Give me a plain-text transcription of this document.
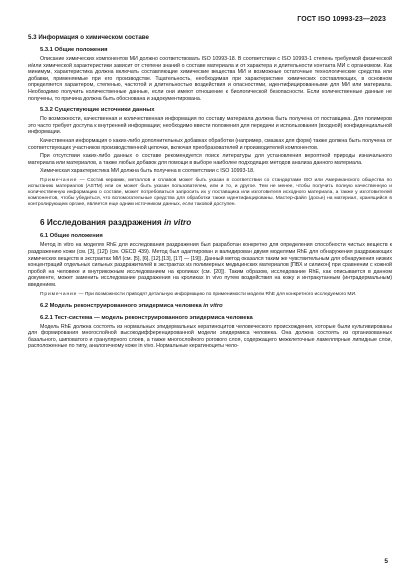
ГОСТ ISO 10993-23—2023
5.3 Информация о химическом составе
5.3.1 Общие положения
Описание химических компонентов МИ должно соответствовать ISO 10993-18. В соответствии с ISO 10993-1 степень требуемой физической и/или химической характеристики зависит от степени знаний о составе материала и от характера и длительности контакта МИ с организмом. Как минимум, характеристика должна включать составляющие химические вещества МИ и возможные остаточные технологические средства или добавки, применяемые при его производстве. Тщательность, необходимая при характеристике химических составляющих, в основном определяется характером, степенью, частотой и длительностью воздействия и опасностями, идентифицированными для МИ или материала. Необходимо получить количественные данные, если они имеют отношение к биологической безопасности. Если количественные данные не получены, то причина должна быть обоснована и задокументирована.
5.3.2 Существующие источники данных
По возможности, качественная и количественная информация по составу материала должна быть получена от поставщика. Для полимеров это часто требует доступа к внутренней информации; необходимо ввести положения для передачи и использования (входной) конфиденциальной информации.
Качественная информация о каких-либо дополнительных добавках обработки (например, смазках для форм) также должна быть получена от соответствующих участников производственной цепочки, включая преобразователей и производителей компонентов.
При отсутствии каких-либо данных о составе рекомендуется поиск литературы для установления вероятной природы изначального материала или материалов, а также любых добавок для помощи в выборе наиболее подходящих методов анализа данного материала.
Химическая характеристика МИ должна быть получена в соответствии с ISO 10993-18.
Примечание — Состав керамик, металлов и сплавов может быть указан в соответствии со стандартами ISO или Американского общества по испытанию материалов (ASTM) или он может быть указан пользователем, или и то, и другое. Тем не менее, чтобы получить полную качественную и количественную информацию о составе, может потребоваться запросить их у поставщика или изготовителя исходного материала, а также у изготовителей компонентов, чтобы убедиться, что вспомогательные средства для обработки также идентифицированы. Мастер-файл (досье) на материал, хранящийся в контролирующем органе, является еще одним источником данных, если таковой доступен.
6 Исследования раздражения in vitro
6.1 Общие положения
Метод in vitro на моделях RhE для исследования раздражения был разработан конкретно для определения способности чистых веществ к раздражению кожи (см. [3], [12]) (см. OECD 439). Метод был адаптирован и валидирован двумя моделями RhE для обнаружения раздражающих химических веществ в экстрактах МИ (см. [5], [6], [12],[13], [17] — [19]). Данный метод оказался таким же чувствительным для обнаружения низких концентраций отдельных сильных раздражителей в экстрактах из полимерных медицинских материалов [ПВХ и силикон] при сравнении с кожной пробой на человеке и внутрикожным исследованием на кроликах (см. [20]). Таким образом, исследование RhE, как описывается в данном документе, может заменить исследование раздражения на кроликах in vivo путем воздействия на кожу и интракутанным (интрадермальным) введением.
Примечание — При возможности приводят детальную информацию по применимости модели RhE для конкретного исследуемого МИ.
6.2 Модель реконструированного эпидермиса человека in vitro
6.2.1 Тест-система — модель реконструированного эпидермиса человека
Модель RhE должна состоять из нормальных эпидермальных кератиноцитов человеческого происхождения, которые были культивированы для формирования многослойной высокодифференцированной модели эпидермиса человека. Она должна состоять из организованных базального, шиповатого и гранулярного слоев, а также многослойного рогового слоя, содержащего межклеточные ламеллярные липидные слои, расположенные по типу, аналогичному коже in vivo. Нормальные кератиноциты чело-
5
